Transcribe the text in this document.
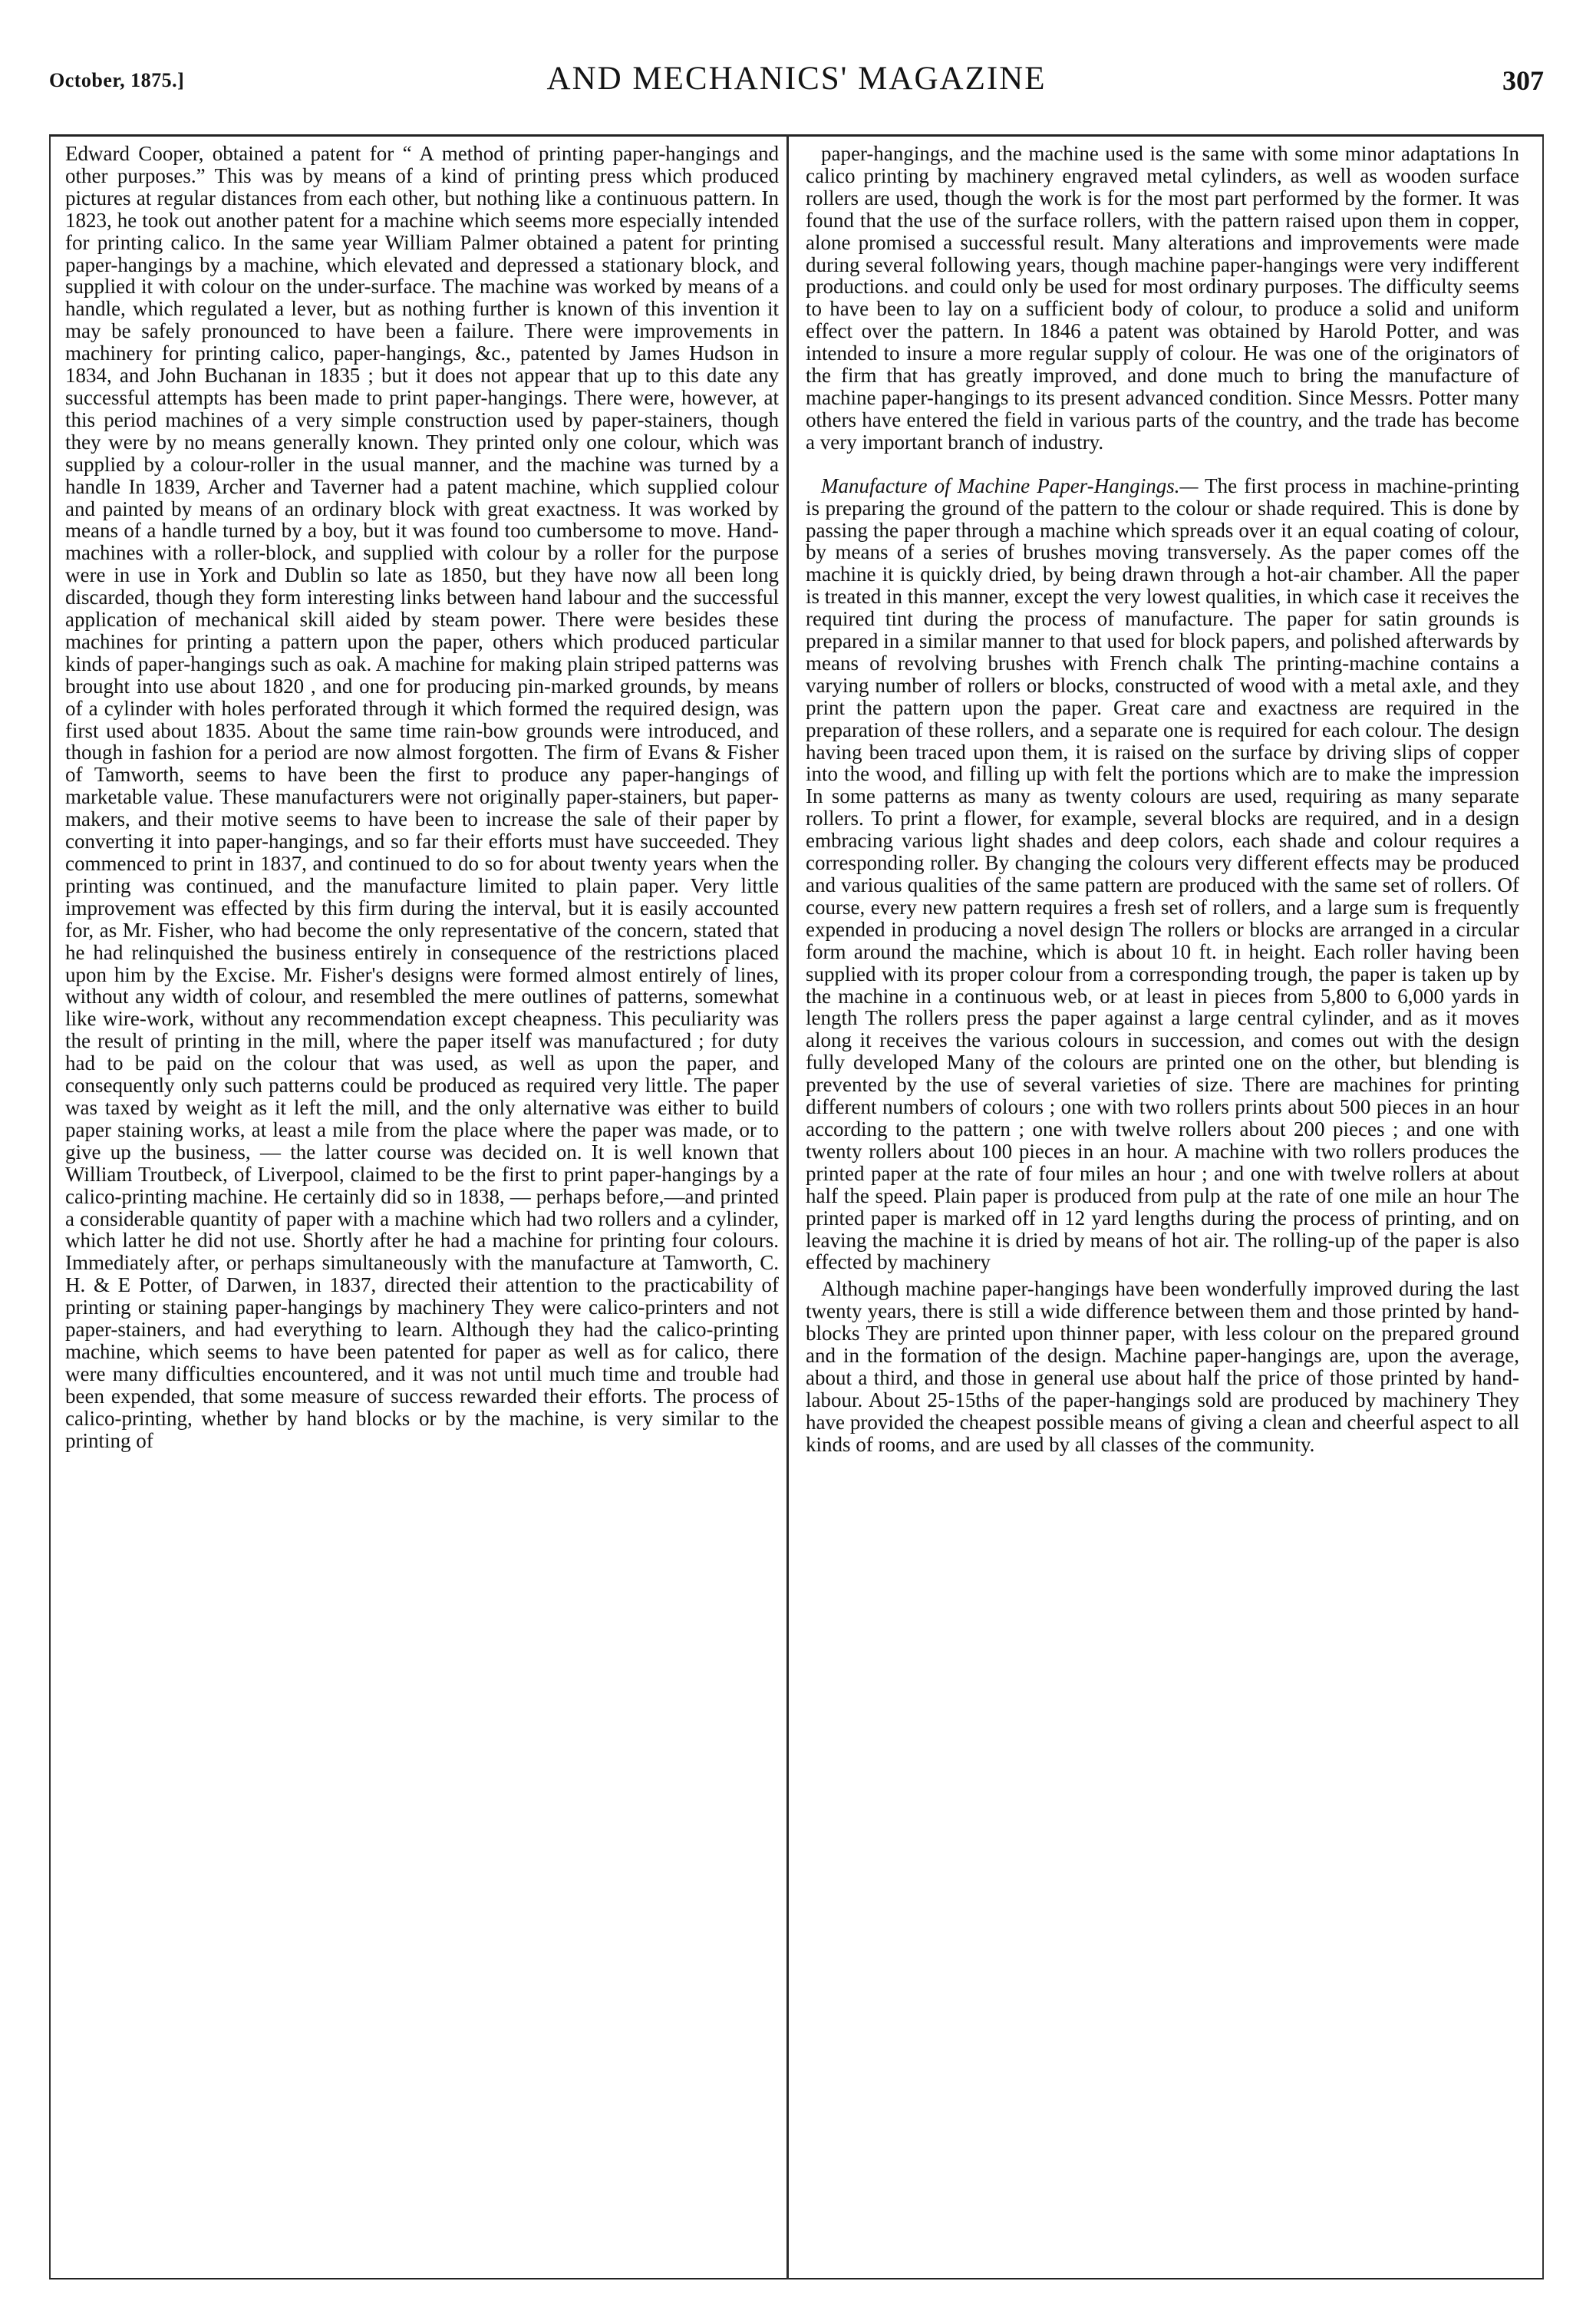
October, 1875.]	AND MECHANICS' MAGAZINE	307

Edward Cooper, obtained a patent for “ A method of printing paper-hangings and other purposes.” This was by means of a kind of printing press which produced pictures at regular distances from each other, but nothing like a continuous pattern. In 1823, he took out another patent for a machine which seems more especially intended for printing calico. In the same year William Palmer obtained a patent for printing paper-hangings by a machine, which elevated and depressed a stationary block, and supplied it with colour on the under-surface. The machine was worked by means of a handle, which regulated a lever, but as nothing further is known of this invention it may be safely pronounced to have been a failure. There were improvements in machinery for printing calico, paper-hangings, &c., patented by James Hudson in 1834, and John Buchanan in 1835 ; but it does not appear that up to this date any successful attempts has been made to print paper-hangings. There were, however, at this period machines of a very simple construction used by paper-stainers, though they were by no means generally known. They printed only one colour, which was supplied by a colour-roller in the usual manner, and the machine was turned by a handle In 1839, Archer and Taverner had a patent machine, which supplied colour and painted by means of an ordinary block with great exactness. It was worked by means of a handle turned by a boy, but it was found too cumbersome to move. Hand-machines with a roller-block, and supplied with colour by a roller for the purpose were in use in York and Dublin so late as 1850, but they have now all been long discarded, though they form interesting links between hand labour and the successful application of mechanical skill aided by steam power. There were besides these machines for printing a pattern upon the paper, others which produced particular kinds of paper-hangings such as oak. A machine for making plain striped patterns was brought into use about 1820 , and one for producing pin-marked grounds, by means of a cylinder with holes perforated through it which formed the required design, was first used about 1835. About the same time rain-bow grounds were introduced, and though in fashion for a period are now almost forgotten. The firm of Evans & Fisher of Tamworth, seems to have been the first to produce any paper-hangings of marketable value. These manufacturers were not originally paper-stainers, but paper-makers, and their motive seems to have been to increase the sale of their paper by converting it into paper-hangings, and so far their efforts must have succeeded. They commenced to print in 1837, and continued to do so for about twenty years when the printing was continued, and the manufacture limited to plain paper. Very little improvement was effected by this firm during the interval, but it is easily accounted for, as Mr. Fisher, who had become the only representative of the concern, stated that he had relinquished the business entirely in consequence of the restrictions placed upon him by the Excise. Mr. Fisher's designs were formed almost entirely of lines, without any width of colour, and resembled the mere outlines of patterns, somewhat like wire-work, without any recommendation except cheapness. This peculiarity was the result of printing in the mill, where the paper itself was manufactured ; for duty had to be paid on the colour that was used, as well as upon the paper, and consequently only such patterns could be produced as required very little. The paper was taxed by weight as it left the mill, and the only alternative was either to build paper staining works, at least a mile from the place where the paper was made, or to give up the business, — the latter course was decided on. It is well known that William Troutbeck, of Liverpool, claimed to be the first to print paper-hangings by a calico-printing machine. He certainly did so in 1838, — perhaps before,—and printed a considerable quantity of paper with a machine which had two rollers and a cylinder, which latter he did not use. Shortly after he had a machine for printing four colours. Immediately after, or perhaps simultaneously with the manufacture at Tamworth, C. H. & E Potter, of Darwen, in 1837, directed their attention to the practicability of printing or staining paper-hangings by machinery They were calico-printers and not paper-stainers, and had everything to learn. Although they had the calico-printing machine, which seems to have been patented for paper as well as for calico, there were many difficulties encountered, and it was not until much time and trouble had been expended, that some measure of success rewarded their efforts. The process of calico-printing, whether by hand blocks or by the machine, is very similar to the printing of

paper-hangings, and the machine used is the same with some minor adaptations In calico printing by machinery engraved metal cylinders, as well as wooden surface rollers are used, though the work is for the most part performed by the former. It was found that the use of the surface rollers, with the pattern raised upon them in copper, alone promised a successful result. Many alterations and improvements were made during several following years, though machine paper-hangings were very indifferent productions. and could only be used for most ordinary purposes. The difficulty seems to have been to lay on a sufficient body of colour, to produce a solid and uniform effect over the pattern. In 1846 a patent was obtained by Harold Potter, and was intended to insure a more regular supply of colour. He was one of the originators of the firm that has greatly improved, and done much to bring the manufacture of machine paper-hangings to its present advanced condition. Since Messrs. Potter many others have entered the field in various parts of the country, and the trade has become a very important branch of industry.

Manufacture of Machine Paper-Hangings.— The first process in machine-printing is preparing the ground of the pattern to the colour or shade required. This is done by passing the paper through a machine which spreads over it an equal coating of colour, by means of a series of brushes moving transversely. As the paper comes off the machine it is quickly dried, by being drawn through a hot-air chamber. All the paper is treated in this manner, except the very lowest qualities, in which case it receives the required tint during the process of manufacture. The paper for satin grounds is prepared in a similar manner to that used for block papers, and polished afterwards by means of revolving brushes with French chalk The printing-machine contains a varying number of rollers or blocks, constructed of wood with a metal axle, and they print the pattern upon the paper. Great care and exactness are required in the preparation of these rollers, and a separate one is required for each colour. The design having been traced upon them, it is raised on the surface by driving slips of copper into the wood, and filling up with felt the portions which are to make the impression In some patterns as many as twenty colours are used, requiring as many separate rollers. To print a flower, for example, several blocks are required, and in a design embracing various light shades and deep colors, each shade and colour requires a corresponding roller. By changing the colours very different effects may be produced and various qualities of the same pattern are produced with the same set of rollers. Of course, every new pattern requires a fresh set of rollers, and a large sum is frequently expended in producing a novel design The rollers or blocks are arranged in a circular form around the machine, which is about 10 ft. in height. Each roller having been supplied with its proper colour from a corresponding trough, the paper is taken up by the machine in a continuous web, or at least in pieces from 5,800 to 6,000 yards in length The rollers press the paper against a large central cylinder, and as it moves along it receives the various colours in succession, and comes out with the design fully developed Many of the colours are printed one on the other, but blending is prevented by the use of several varieties of size. There are machines for printing different numbers of colours ; one with two rollers prints about 500 pieces in an hour according to the pattern ; one with twelve rollers about 200 pieces ; and one with twenty rollers about 100 pieces in an hour. A machine with two rollers produces the printed paper at the rate of four miles an hour ; and one with twelve rollers at about half the speed. Plain paper is produced from pulp at the rate of one mile an hour The printed paper is marked off in 12 yard lengths during the process of printing, and on leaving the machine it is dried by means of hot air. The rolling-up of the paper is also effected by machinery

Although machine paper-hangings have been wonderfully improved during the last twenty years, there is still a wide difference between them and those printed by hand-blocks They are printed upon thinner paper, with less colour on the prepared ground and in the formation of the design. Machine paper-hangings are, upon the average, about a third, and those in general use about half the price of those printed by hand-labour. About 25-15ths of the paper-hangings sold are produced by machinery They have provided the cheapest possible means of giving a clean and cheerful aspect to all kinds of rooms, and are used by all classes of the community.
